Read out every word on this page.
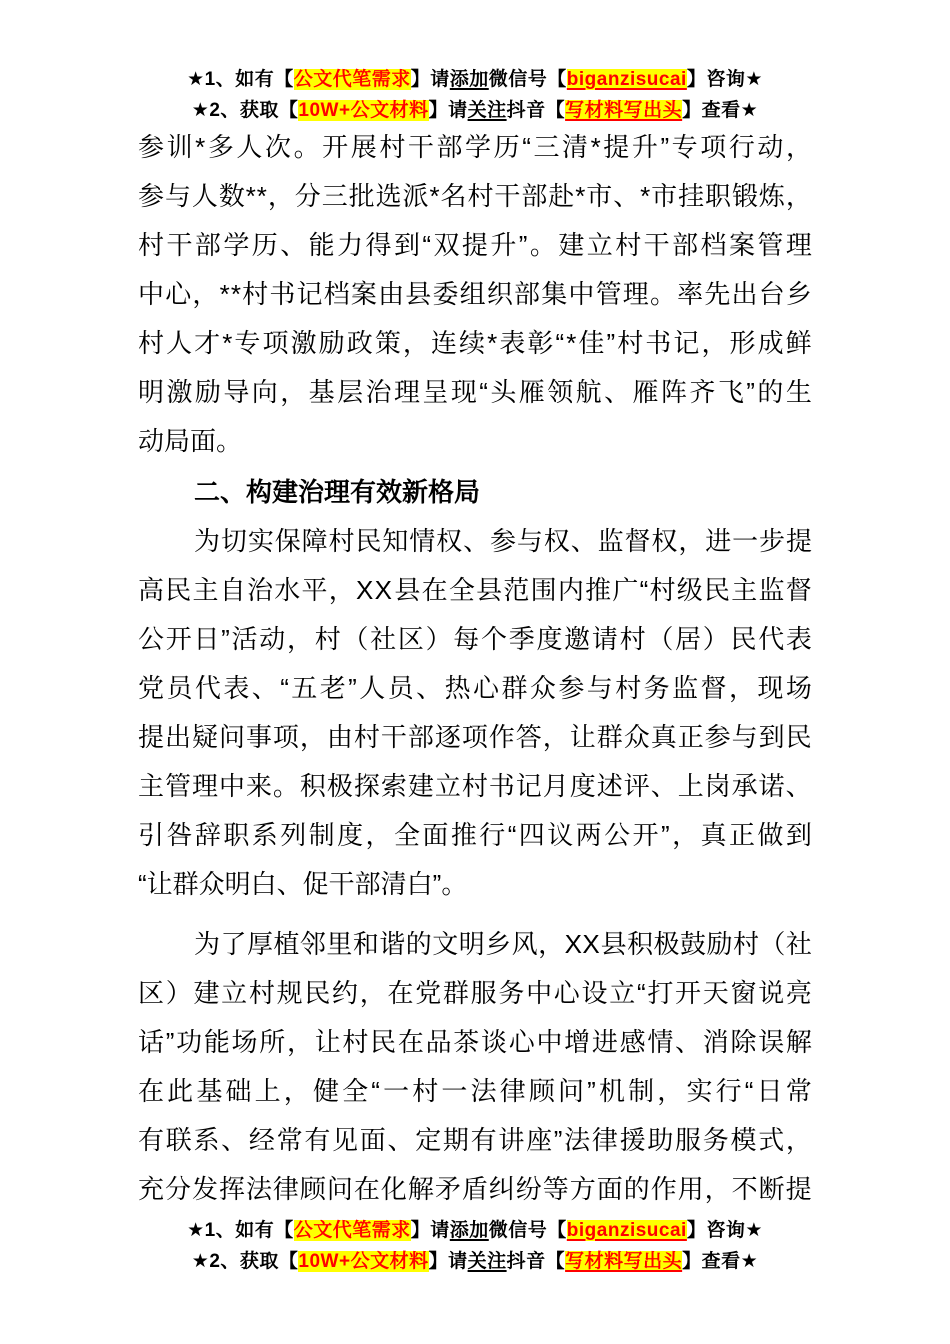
★1、如有【公文代笔需求】请添加微信号【biganzisucai】咨询★
★2、获取【10W+公文材料】请关注抖音【写材料写出头】查看★
参 训 * 多 人 次 。 开 展 村 干 部 学 历 “ 三 清 * 提 升 ” 专 项 行 动 ，
参 与 人 数 * * ， 分 三 批 选 派 * 名 村 干 部 赴 * 市 、 * 市 挂 职 锻 炼 ，
村 干 部 学 历 、 能 力 得 到 “ 双 提 升 ” 。 建 立 村 干 部 档 案 管 理
中 心 ， * * 村 书 记 档 案 由 县 委 组 织 部 集 中 管 理 。 率 先 出 台 乡
村 人 才 * 专 项 激 励 政 策 ， 连 续 * 表 彰 “ * 佳 ” 村 书 记 ， 形 成 鲜
明 激 励 导 向 ， 基 层 治 理 呈 现 “ 头 雁 领 航 、 雁 阵 齐 飞 ” 的 生
动局面。
二、构建治理有效新格局
为 切 实 保 障 村 民 知 情 权 、 参 与 权 、 监 督 权 ， 进 一 步 提
高 民 主 自 治 水 平 ， X X 县 在 全 县 范 围 内 推 广 “ 村 级 民 主 监 督
公 开 日 ” 活 动 ， 村 （ 社 区 ） 每 个 季 度 邀 请 村 （ 居 ） 民 代 表
党 员 代 表 、 “ 五 老 ” 人 员 、 热 心 群 众 参 与 村 务 监 督 ， 现 场
提 出 疑 问 事 项 ， 由 村 干 部 逐 项 作 答 ， 让 群 众 真 正 参 与 到 民
主 管 理 中 来 。 积 极 探 索 建 立 村 书 记 月 度 述 评 、 上 岗 承 诺 、
引 咎 辞 职 系 列 制 度 ， 全 面 推 行 “ 四 议 两 公 开 ” ， 真 正 做 到
“让群众明白、促干部清白”。
为 了 厚 植 邻 里 和 谐 的 文 明 乡 风 ， X X 县 积 极 鼓 励 村 （ 社
区 ） 建 立 村 规 民 约 ， 在 党 群 服 务 中 心 设 立 “ 打 开 天 窗 说 亮
话 ” 功 能 场 所 ， 让 村 民 在 品 茶 谈 心 中 增 进 感 情 、 消 除 误 解
在 此 基 础 上 ， 健 全 “ 一 村 一 法 律 顾 问 ” 机 制 ， 实 行 “ 日 常
有 联 系 、 经 常 有 见 面 、 定 期 有 讲 座 ” 法 律 援 助 服 务 模 式 ，
充 分 发 挥 法 律 顾 问 在 化 解 矛 盾 纠 纷 等 方 面 的 作 用 ， 不 断 提
★1、如有【公文代笔需求】请添加微信号【biganzisucai】咨询★
★2、获取【10W+公文材料】请关注抖音【写材料写出头】查看★
